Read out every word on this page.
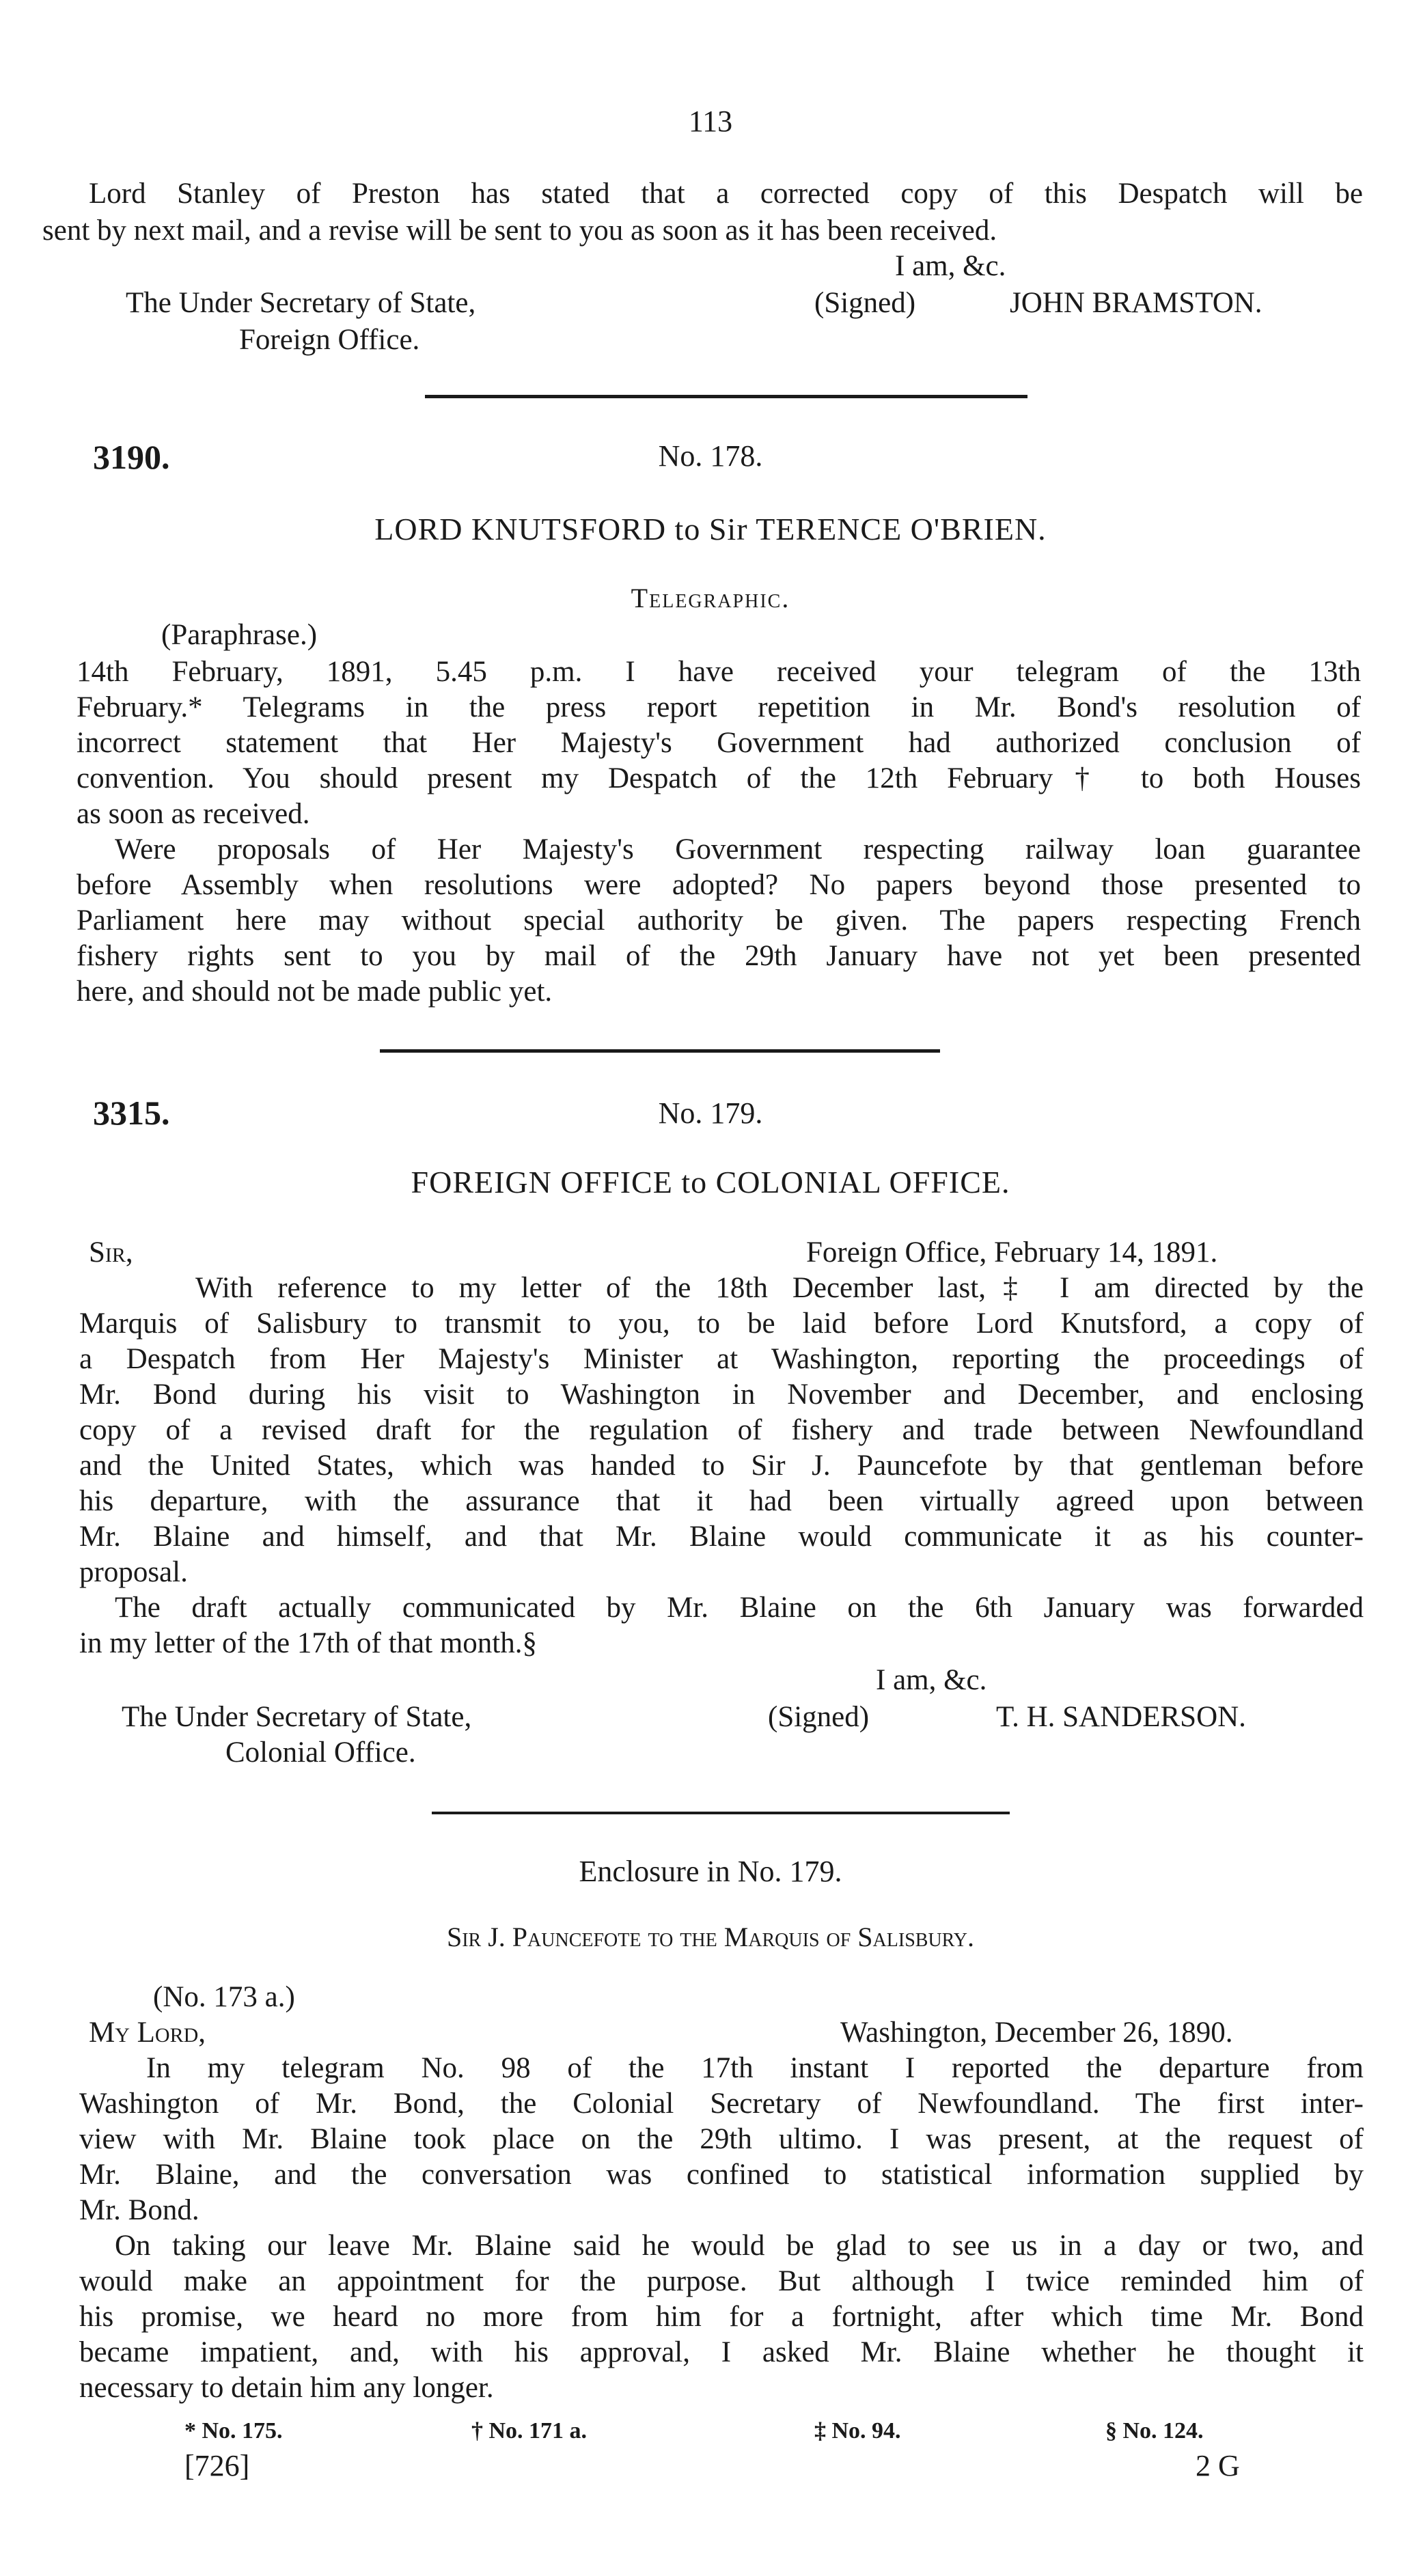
113
Lord Stanley of Preston has stated that a corrected copy of this Despatch will be
sent by next mail, and a revise will be sent to you as soon as it has been received.
I am, &c.
The Under Secretary of State,	(Signed)	JOHN BRAMSTON.
Foreign Office.
3190.	No. 178.
LORD KNUTSFORD to Sir TERENCE O'BRIEN.
Telegraphic.
(Paraphrase.)
14th February, 1891, 5.45 p.m. I have received your telegram of the 13th
February.* Telegrams in the press report repetition in Mr. Bond's resolution of
incorrect statement that Her Majesty's Government had authorized conclusion of
convention. You should present my Despatch of the 12th February† to both Houses
as soon as received.
Were proposals of Her Majesty's Government respecting railway loan guarantee
before Assembly when resolutions were adopted? No papers beyond those presented to
Parliament here may without special authority be given. The papers respecting French
fishery rights sent to you by mail of the 29th January have not yet been presented
here, and should not be made public yet.
3315.	No. 179.
FOREIGN OFFICE to COLONIAL OFFICE.
Sir,	Foreign Office, February 14, 1891.
With reference to my letter of the 18th December last,‡ I am directed by the
Marquis of Salisbury to transmit to you, to be laid before Lord Knutsford, a copy of
a Despatch from Her Majesty's Minister at Washington, reporting the proceedings of
Mr. Bond during his visit to Washington in November and December, and enclosing
copy of a revised draft for the regulation of fishery and trade between Newfoundland
and the United States, which was handed to Sir J. Pauncefote by that gentleman before
his departure, with the assurance that it had been virtually agreed upon between
Mr. Blaine and himself, and that Mr. Blaine would communicate it as his counter-
proposal.
The draft actually communicated by Mr. Blaine on the 6th January was forwarded
in my letter of the 17th of that month.§
I am, &c.
The Under Secretary of State,	(Signed)	T. H. SANDERSON.
Colonial Office.
Enclosure in No. 179.
Sir J. Pauncefote to the Marquis of Salisbury.
(No. 173 a.)
My Lord,	Washington, December 26, 1890.
In my telegram No. 98 of the 17th instant I reported the departure from
Washington of Mr. Bond, the Colonial Secretary of Newfoundland. The first inter-
view with Mr. Blaine took place on the 29th ultimo. I was present, at the request of
Mr. Blaine, and the conversation was confined to statistical information supplied by
Mr. Bond.
On taking our leave Mr. Blaine said he would be glad to see us in a day or two, and
would make an appointment for the purpose. But although I twice reminded him of
his promise, we heard no more from him for a fortnight, after which time Mr. Bond
became impatient, and, with his approval, I asked Mr. Blaine whether he thought it
necessary to detain him any longer.
* No. 175.	† No. 171 a.	‡ No. 94.	§ No. 124.
[726]	2 G
